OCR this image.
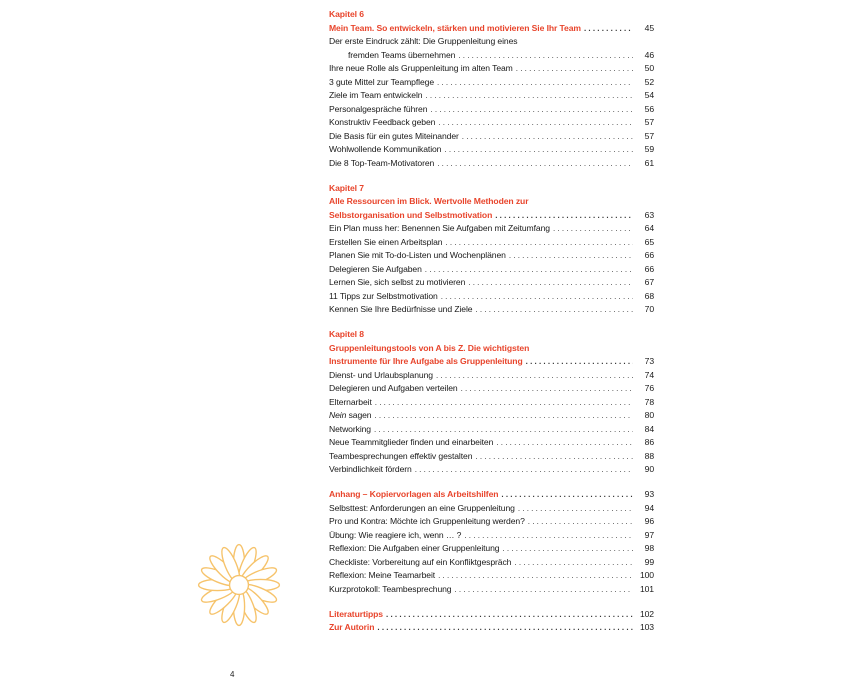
Kapitel 6
Mein Team. So entwickeln, stärken und motivieren Sie Ihr Team . . .	45
Der erste Eindruck zählt: Die Gruppenleitung eines
fremden Teams übernehmen . . .	46
Ihre neue Rolle als Gruppenleitung im alten Team . . .	50
3 gute Mittel zur Teampflege . . .	52
Ziele im Team entwickeln . . .	54
Personalgespräche führen . . .	56
Konstruktiv Feedback geben . . .	57
Die Basis für ein gutes Miteinander . . .	57
Wohlwollende Kommunikation . . .	59
Die 8 Top-Team-Motivatoren . . .	61
Kapitel 7
Alle Ressourcen im Blick. Wertvolle Methoden zur
Selbstorganisation und Selbstmotivation . . .	63
Ein Plan muss her: Benennen Sie Aufgaben mit Zeitumfang . . .	64
Erstellen Sie einen Arbeitsplan . . .	65
Planen Sie mit To-do-Listen und Wochenplänen . . .	66
Delegieren Sie Aufgaben . . .	66
Lernen Sie, sich selbst zu motivieren . . .	67
11 Tipps zur Selbstmotivation . . .	68
Kennen Sie Ihre Bedürfnisse und Ziele . . .	70
Kapitel 8
Gruppenleitungstools von A bis Z. Die wichtigsten
Instrumente für Ihre Aufgabe als Gruppenleitung . . .	73
Dienst- und Urlaubsplanung . . .	74
Delegieren und Aufgaben verteilen . . .	76
Elternarbeit . . .	78
Nein sagen . . .	80
Networking . . .	84
Neue Teammitglieder finden und einarbeiten . . .	86
Teambesprechungen effektiv gestalten . . .	88
Verbindlichkeit fördern . . .	90
Anhang – Kopiervorlagen als Arbeitshilfen . . .	93
Selbsttest: Anforderungen an eine Gruppenleitung . . .	94
Pro und Kontra: Möchte ich Gruppenleitung werden? . . .	96
Übung: Wie reagiere ich, wenn … ? . . .	97
Reflexion: Die Aufgaben einer Gruppenleitung . . .	98
Checkliste: Vorbereitung auf ein Konfliktgespräch . . .	99
Reflexion: Meine Teamarbeit . . .	100
Kurzprotokoll: Teambesprechung . . .	101
Literaturtipps . . .	102
Zur Autorin . . .	103
4
